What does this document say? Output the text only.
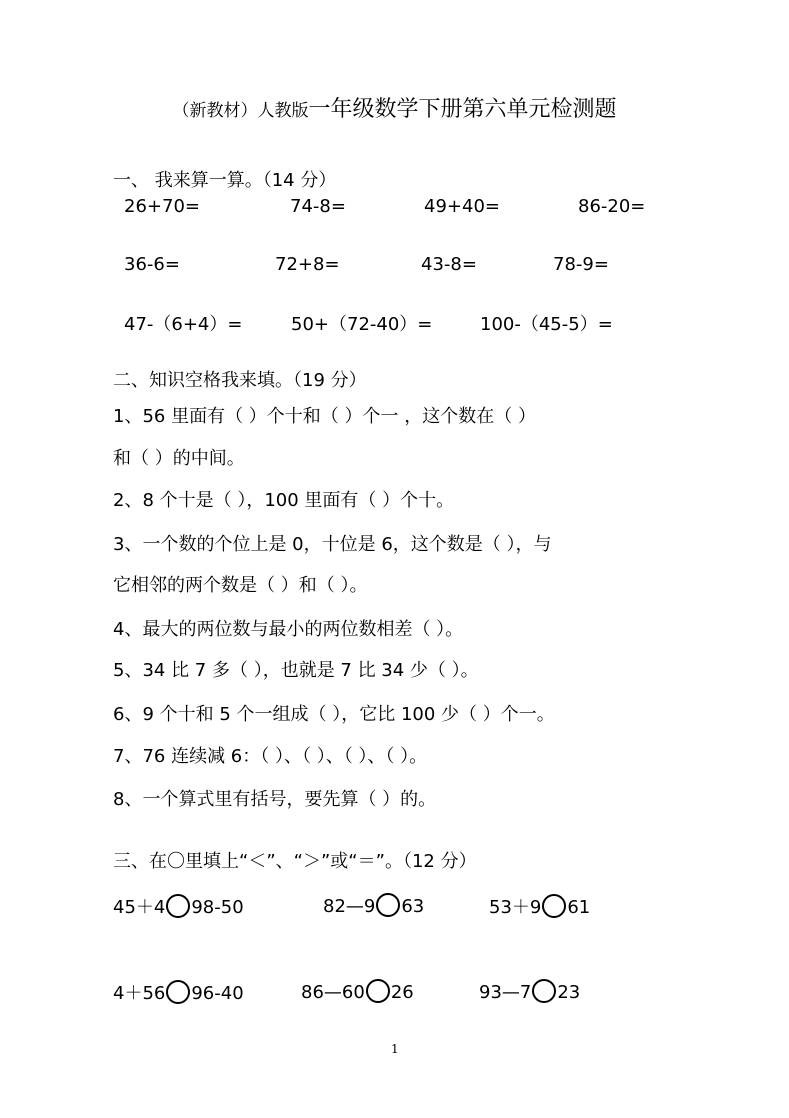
（新教材）人教版一年级数学下册第六单元检测题
一、 我来算一算。（14 分）
26+70=	74-8=	49+40=	86-20=
36-6=	72+8=	43-8=	78-9=
47-（6+4）=	50+（72-40）=	100-（45-5）=
二、知识空格我来填。（19 分）
1、56 里面有（ ）个十和（ ）个一 ，这个数在（ ）
和（ ）的中间。
2、8 个十是（ ），100 里面有（ ）个十。
3、一个数的个位上是 0，十位是 6，这个数是（ ），与
它相邻的两个数是（ ）和（ ）。
4、最大的两位数与最小的两位数相差（ ）。
5、34 比 7 多（ ），也就是 7 比 34 少（ ）。
6、9 个十和 5 个一组成（ ），它比 100 少（ ）个一。
7、76 连续减 6：（ ）、（ ）、（ ）、（ ）。
8、一个算式里有括号，要先算（ ）的。
三、在〇里填上“＜”、“＞”或“＝”。（12 分）
45＋4 98-50	82—9 63	53＋9 61
4＋56 96-40	86—60 26	93—7 23
1
